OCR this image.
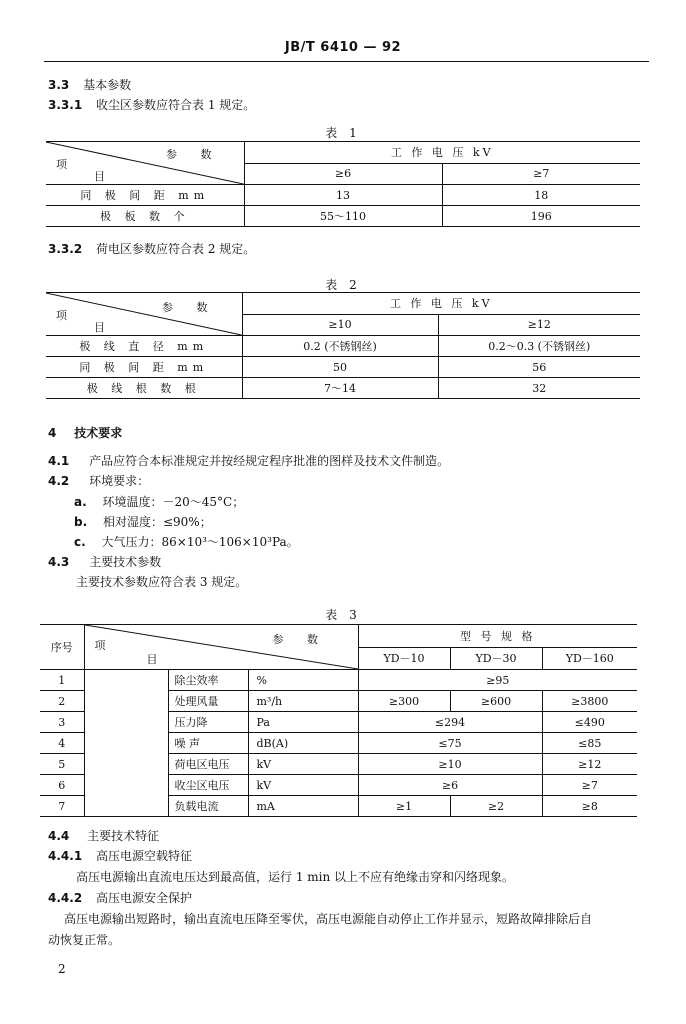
JB/T 6410 — 92
3.3 基本参数
3.3.1 收尘区参数应符合表 1 规定。
表 1
参 数
项
目	工 作 电 压 kV	
	≥6	≥7
同 极 间 距 mm	13	18
极 板 数 个	55～110	196
3.3.2 荷电区参数应符合表 2 规定。
表 2
参 数
项
目	工 作 电 压 kV	
	≥10	≥12
极 线 直 径 mm	0.2 (不锈钢丝)	0.2～0.3 (不锈钢丝)
同 极 间 距 mm	50	56
极 线 根 数 根	7～14	32
4 技术要求
4.1 产品应符合本标准规定并按经规定程序批准的图样及技术文件制造。
4.2 环境要求：
a. 环境温度：－20～45°C；
b. 相对湿度：≤90%；
c. 大气压力：86×10³～106×10³Pa。
4.3 主要技术参数
主要技术参数应符合表 3 规定。
表 3
序号	参 数
项
目			型 号 规 格		
				YD－10	YD－30	YD－160
1		除尘效率	%	≥95		
2		处理风量	m³/h	≥300	≥600	≥3800
3		压力降	Pa	≤294		≤490
4		噪 声	dB(A)	≤75		≤85
5		荷电区电压	kV	≥10		≥12
6		收尘区电压	kV	≥6		≥7
7		负载电流	mA	≥1	≥2	≥8
4.4 主要技术特征
4.4.1 高压电源空载特征
高压电源输出直流电压达到最高值，运行 1 min 以上不应有绝缘击穿和闪络现象。
4.4.2 高压电源安全保护
高压电源输出短路时，输出直流电压降至零伏，高压电源能自动停止工作并显示，短路故障排除后自
动恢复正常。
2
